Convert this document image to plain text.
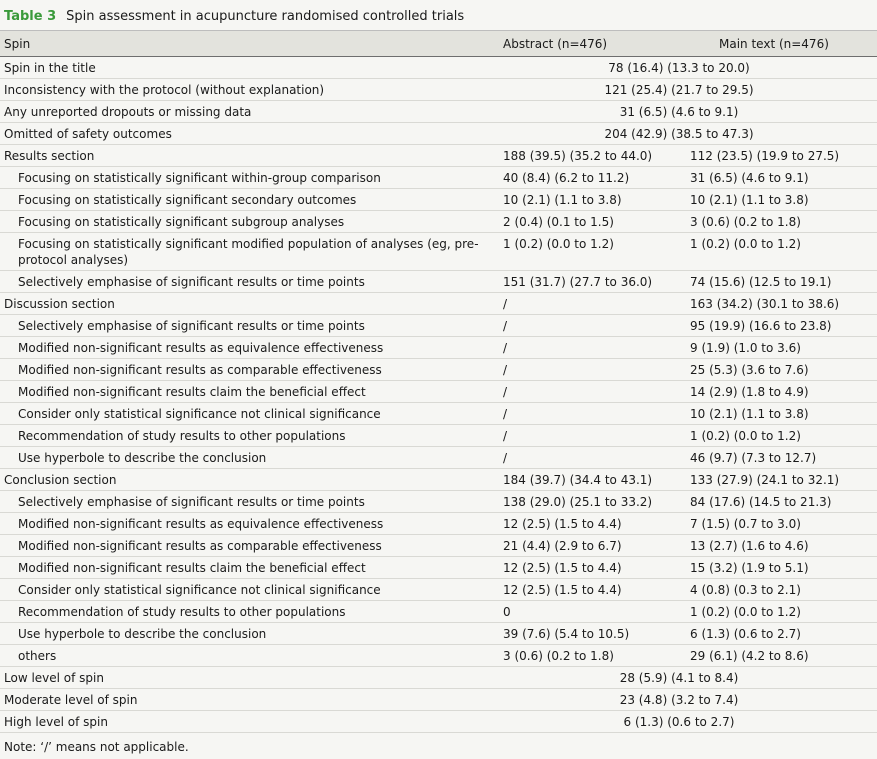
Table 3 Spin assessment in acupuncture randomised controlled trials
Spin	Abstract (n=476)	Main text (n=476)
Spin in the title	78 (16.4) (13.3 to 20.0)	
Inconsistency with the protocol (without explanation)	121 (25.4) (21.7 to 29.5)	
Any unreported dropouts or missing data	31 (6.5) (4.6 to 9.1)	
Omitted of safety outcomes	204 (42.9) (38.5 to 47.3)	
Results section	188 (39.5) (35.2 to 44.0)	112 (23.5) (19.9 to 27.5)
Focusing on statistically significant within-group comparison	40 (8.4) (6.2 to 11.2)	31 (6.5) (4.6 to 9.1)
Focusing on statistically significant secondary outcomes	10 (2.1) (1.1 to 3.8)	10 (2.1) (1.1 to 3.8)
Focusing on statistically significant subgroup analyses	2 (0.4) (0.1 to 1.5)	3 (0.6) (0.2 to 1.8)
Focusing on statistically significant modified population of analyses (eg, pre-protocol analyses)	1 (0.2) (0.0 to 1.2)	1 (0.2) (0.0 to 1.2)
Selectively emphasise of significant results or time points	151 (31.7) (27.7 to 36.0)	74 (15.6) (12.5 to 19.1)
Discussion section	/	163 (34.2) (30.1 to 38.6)
Selectively emphasise of significant results or time points	/	95 (19.9) (16.6 to 23.8)
Modified non-significant results as equivalence effectiveness	/	9 (1.9) (1.0 to 3.6)
Modified non-significant results as comparable effectiveness	/	25 (5.3) (3.6 to 7.6)
Modified non-significant results claim the beneficial effect	/	14 (2.9) (1.8 to 4.9)
Consider only statistical significance not clinical significance	/	10 (2.1) (1.1 to 3.8)
Recommendation of study results to other populations	/	1 (0.2) (0.0 to 1.2)
Use hyperbole to describe the conclusion	/	46 (9.7) (7.3 to 12.7)
Conclusion section	184 (39.7) (34.4 to 43.1)	133 (27.9) (24.1 to 32.1)
Selectively emphasise of significant results or time points	138 (29.0) (25.1 to 33.2)	84 (17.6) (14.5 to 21.3)
Modified non-significant results as equivalence effectiveness	12 (2.5) (1.5 to 4.4)	7 (1.5) (0.7 to 3.0)
Modified non-significant results as comparable effectiveness	21 (4.4) (2.9 to 6.7)	13 (2.7) (1.6 to 4.6)
Modified non-significant results claim the beneficial effect	12 (2.5) (1.5 to 4.4)	15 (3.2) (1.9 to 5.1)
Consider only statistical significance not clinical significance	12 (2.5) (1.5 to 4.4)	4 (0.8) (0.3 to 2.1)
Recommendation of study results to other populations	0	1 (0.2) (0.0 to 1.2)
Use hyperbole to describe the conclusion	39 (7.6) (5.4 to 10.5)	6 (1.3) (0.6 to 2.7)
others	3 (0.6) (0.2 to 1.8)	29 (6.1) (4.2 to 8.6)
Low level of spin	28 (5.9) (4.1 to 8.4)	
Moderate level of spin	23 (4.8) (3.2 to 7.4)	
High level of spin	6 (1.3) (0.6 to 2.7)	
Note: ‘/’ means not applicable.
